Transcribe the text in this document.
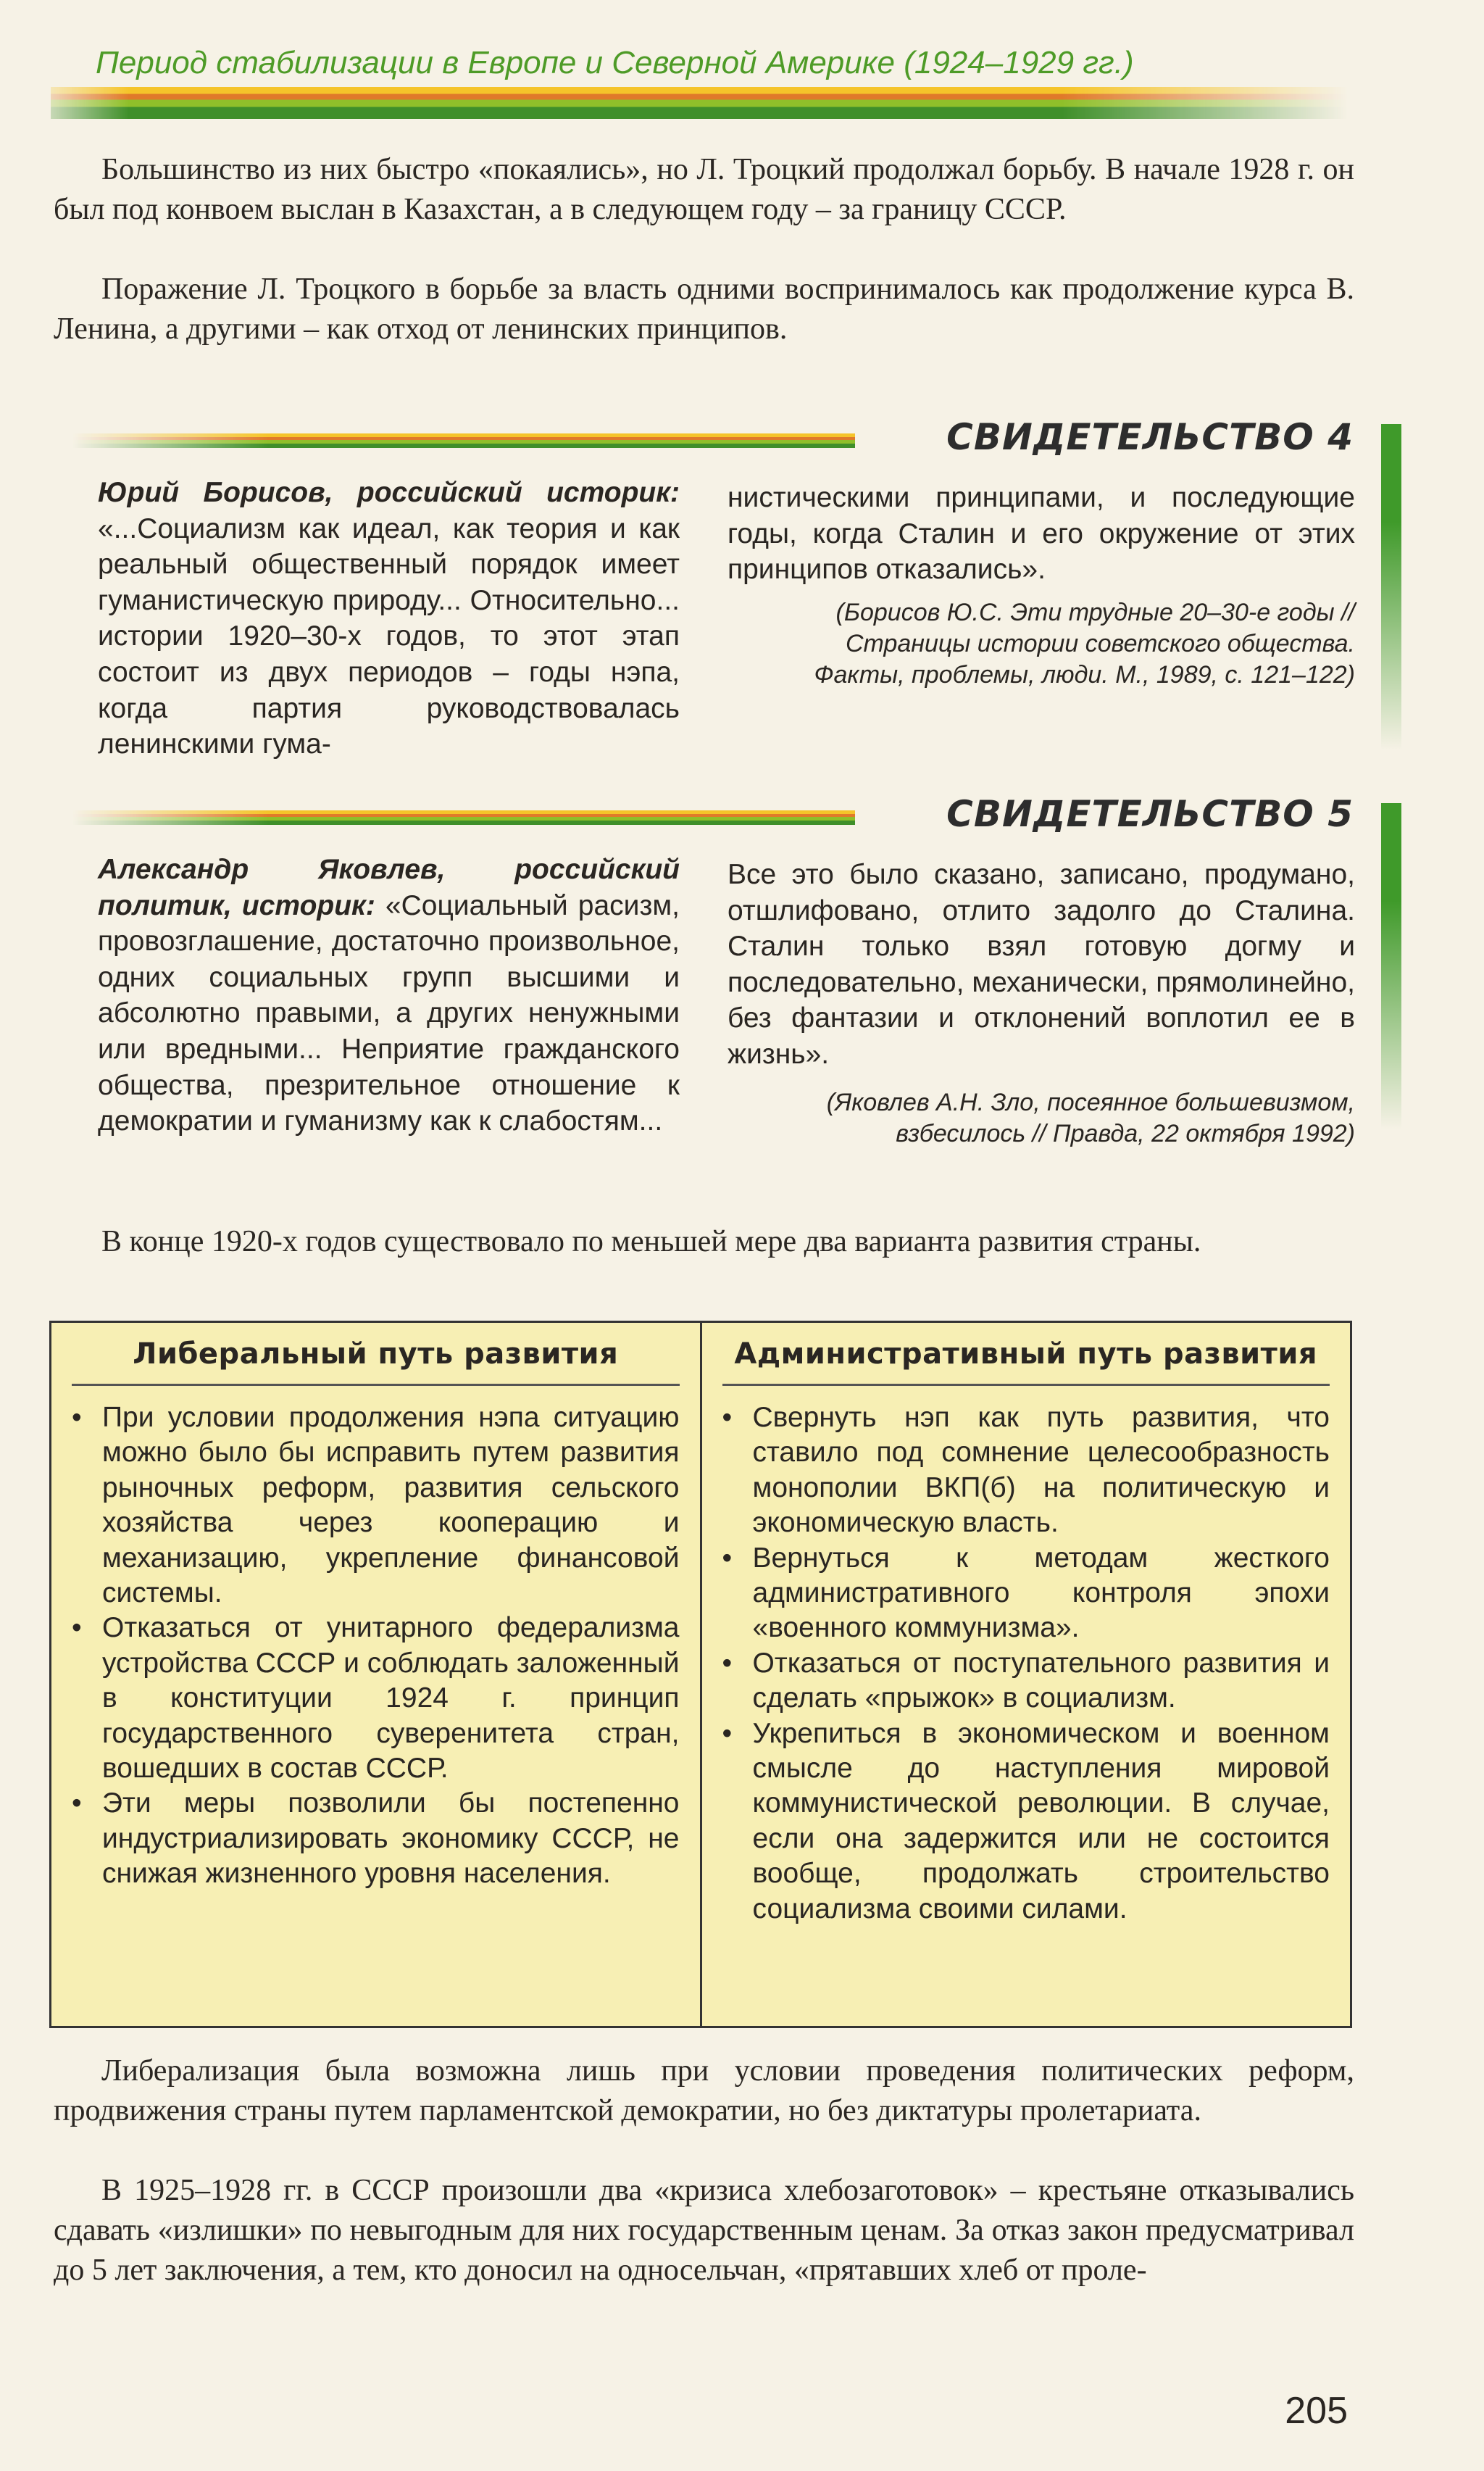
Период стабилизации в Европе и Северной Америке (1924–1929 гг.)

Большинство из них быстро «покаялись», но Л. Троцкий продолжал борьбу. В начале 1928 г. он был под конвоем выслан в Казахстан, а в следующем году – за границу СССР.

Поражение Л. Троцкого в борьбе за власть одними воспринималось как продолжение курса В. Ленина, а другими – как отход от ленинских принципов.

СВИДЕТЕЛЬСТВО 4

Юрий Борисов, российский историк: «...Социализм как идеал, как теория и как реальный общественный порядок имеет гуманистическую природу... Относительно... истории 1920–30-х годов, то этот этап состоит из двух периодов – годы нэпа, когда партия руководствовалась ленинскими гума-

нистическими принципами, и последующие годы, когда Сталин и его окружение от этих принципов отказались».

(Борисов Ю.С. Эти трудные 20–30-е годы // Страницы истории советского общества. Факты, проблемы, люди. М., 1989, с. 121–122)

СВИДЕТЕЛЬСТВО 5

Александр Яковлев, российский политик, историк: «Социальный расизм, провозглашение, достаточно произвольное, одних социальных групп высшими и абсолютно правыми, а других ненужными или вредными... Неприятие гражданского общества, презрительное отношение к демократии и гуманизму как к слабостям...

Все это было сказано, записано, продумано, отшлифовано, отлито задолго до Сталина. Сталин только взял готовую догму и последовательно, механически, прямолинейно, без фантазии и отклонений воплотил ее в жизнь».

(Яковлев А.Н. Зло, посеянное большевизмом, взбесилось // Правда, 22 октября 1992)

В конце 1920-х годов существовало по меньшей мере два варианта развития страны.

Либеральный путь развития
• При условии продолжения нэпа ситуацию можно было бы исправить путем развития рыночных реформ, развития сельского хозяйства через кооперацию и механизацию, укрепление финансовой системы.
• Отказаться от унитарного федерализма устройства СССР и соблюдать заложенный в конституции 1924 г. принцип государственного суверенитета стран, вошедших в состав СССР.
• Эти меры позволили бы постепенно индустриализировать экономику СССР, не снижая жизненного уровня населения.
Административный путь развития
• Свернуть нэп как путь развития, что ставило под сомнение целесообразность монополии ВКП(б) на политическую и экономическую власть.
• Вернуться к методам жесткого административного контроля эпохи «военного коммунизма».
• Отказаться от поступательного развития и сделать «прыжок» в социализм.
• Укрепиться в экономическом и военном смысле до наступления мировой коммунистической революции. В случае, если она задержится или не состоится вообще, продолжать строительство социализма своими силами.

Либерализация была возможна лишь при условии проведения политических реформ, продвижения страны путем парламентской демократии, но без диктатуры пролетариата.

В 1925–1928 гг. в СССР произошли два «кризиса хлебозаготовок» – крестьяне отказывались сдавать «излишки» по невыгодным для них государственным ценам. За отказ закон предусматривал до 5 лет заключения, а тем, кто доносил на односельчан, «прятавших хлеб от проле-

205
